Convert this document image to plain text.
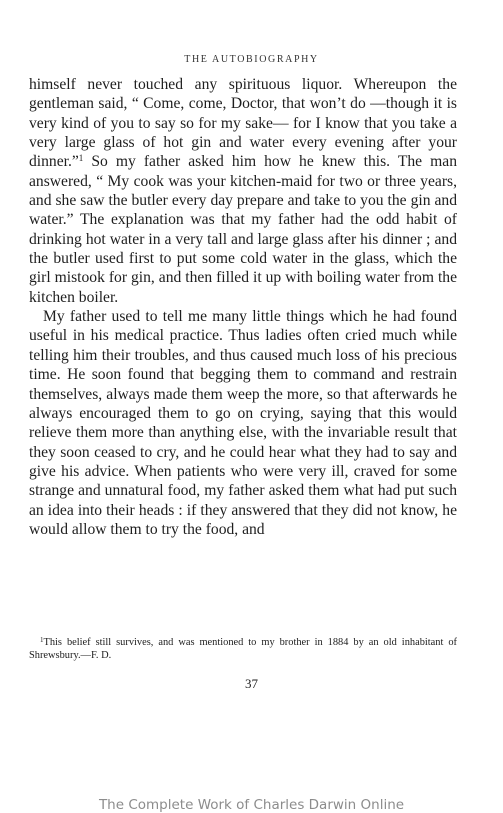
THE AUTOBIOGRAPHY

himself never touched any spirituous liquor. Whereupon the gentleman said, “ Come, come, Doctor, that won’t do —though it is very kind of you to say so for my sake— for I know that you take a very large glass of hot gin and water every evening after your dinner.”$^1$ So my father asked him how he knew this. The man answered, “ My cook was your kitchen-maid for two or three years, and she saw the butler every day prepare and take to you the gin and water.” The explanation was that my father had the odd habit of drinking hot water in a very tall and large glass after his dinner ; and the butler used first to put some cold water in the glass, which the girl mistook for gin, and then filled it up with boiling water from the kitchen boiler.

My father used to tell me many little things which he had found useful in his medical practice. Thus ladies often cried much while telling him their troubles, and thus caused much loss of his precious time. He soon found that begging them to command and restrain themselves, always made them weep the more, so that afterwards he always encouraged them to go on crying, saying that this would relieve them more than anything else, with the invariable result that they soon ceased to cry, and he could hear what they had to say and give his advice. When patients who were very ill, craved for some strange and unnatural food, my father asked them what had put such an idea into their heads : if they answered that they did not know, he would allow them to try the food, and

$^1$This belief still survives, and was mentioned to my brother in 1884 by an old inhabitant of Shrewsbury.—F. D.
37
The Complete Work of Charles Darwin Online
